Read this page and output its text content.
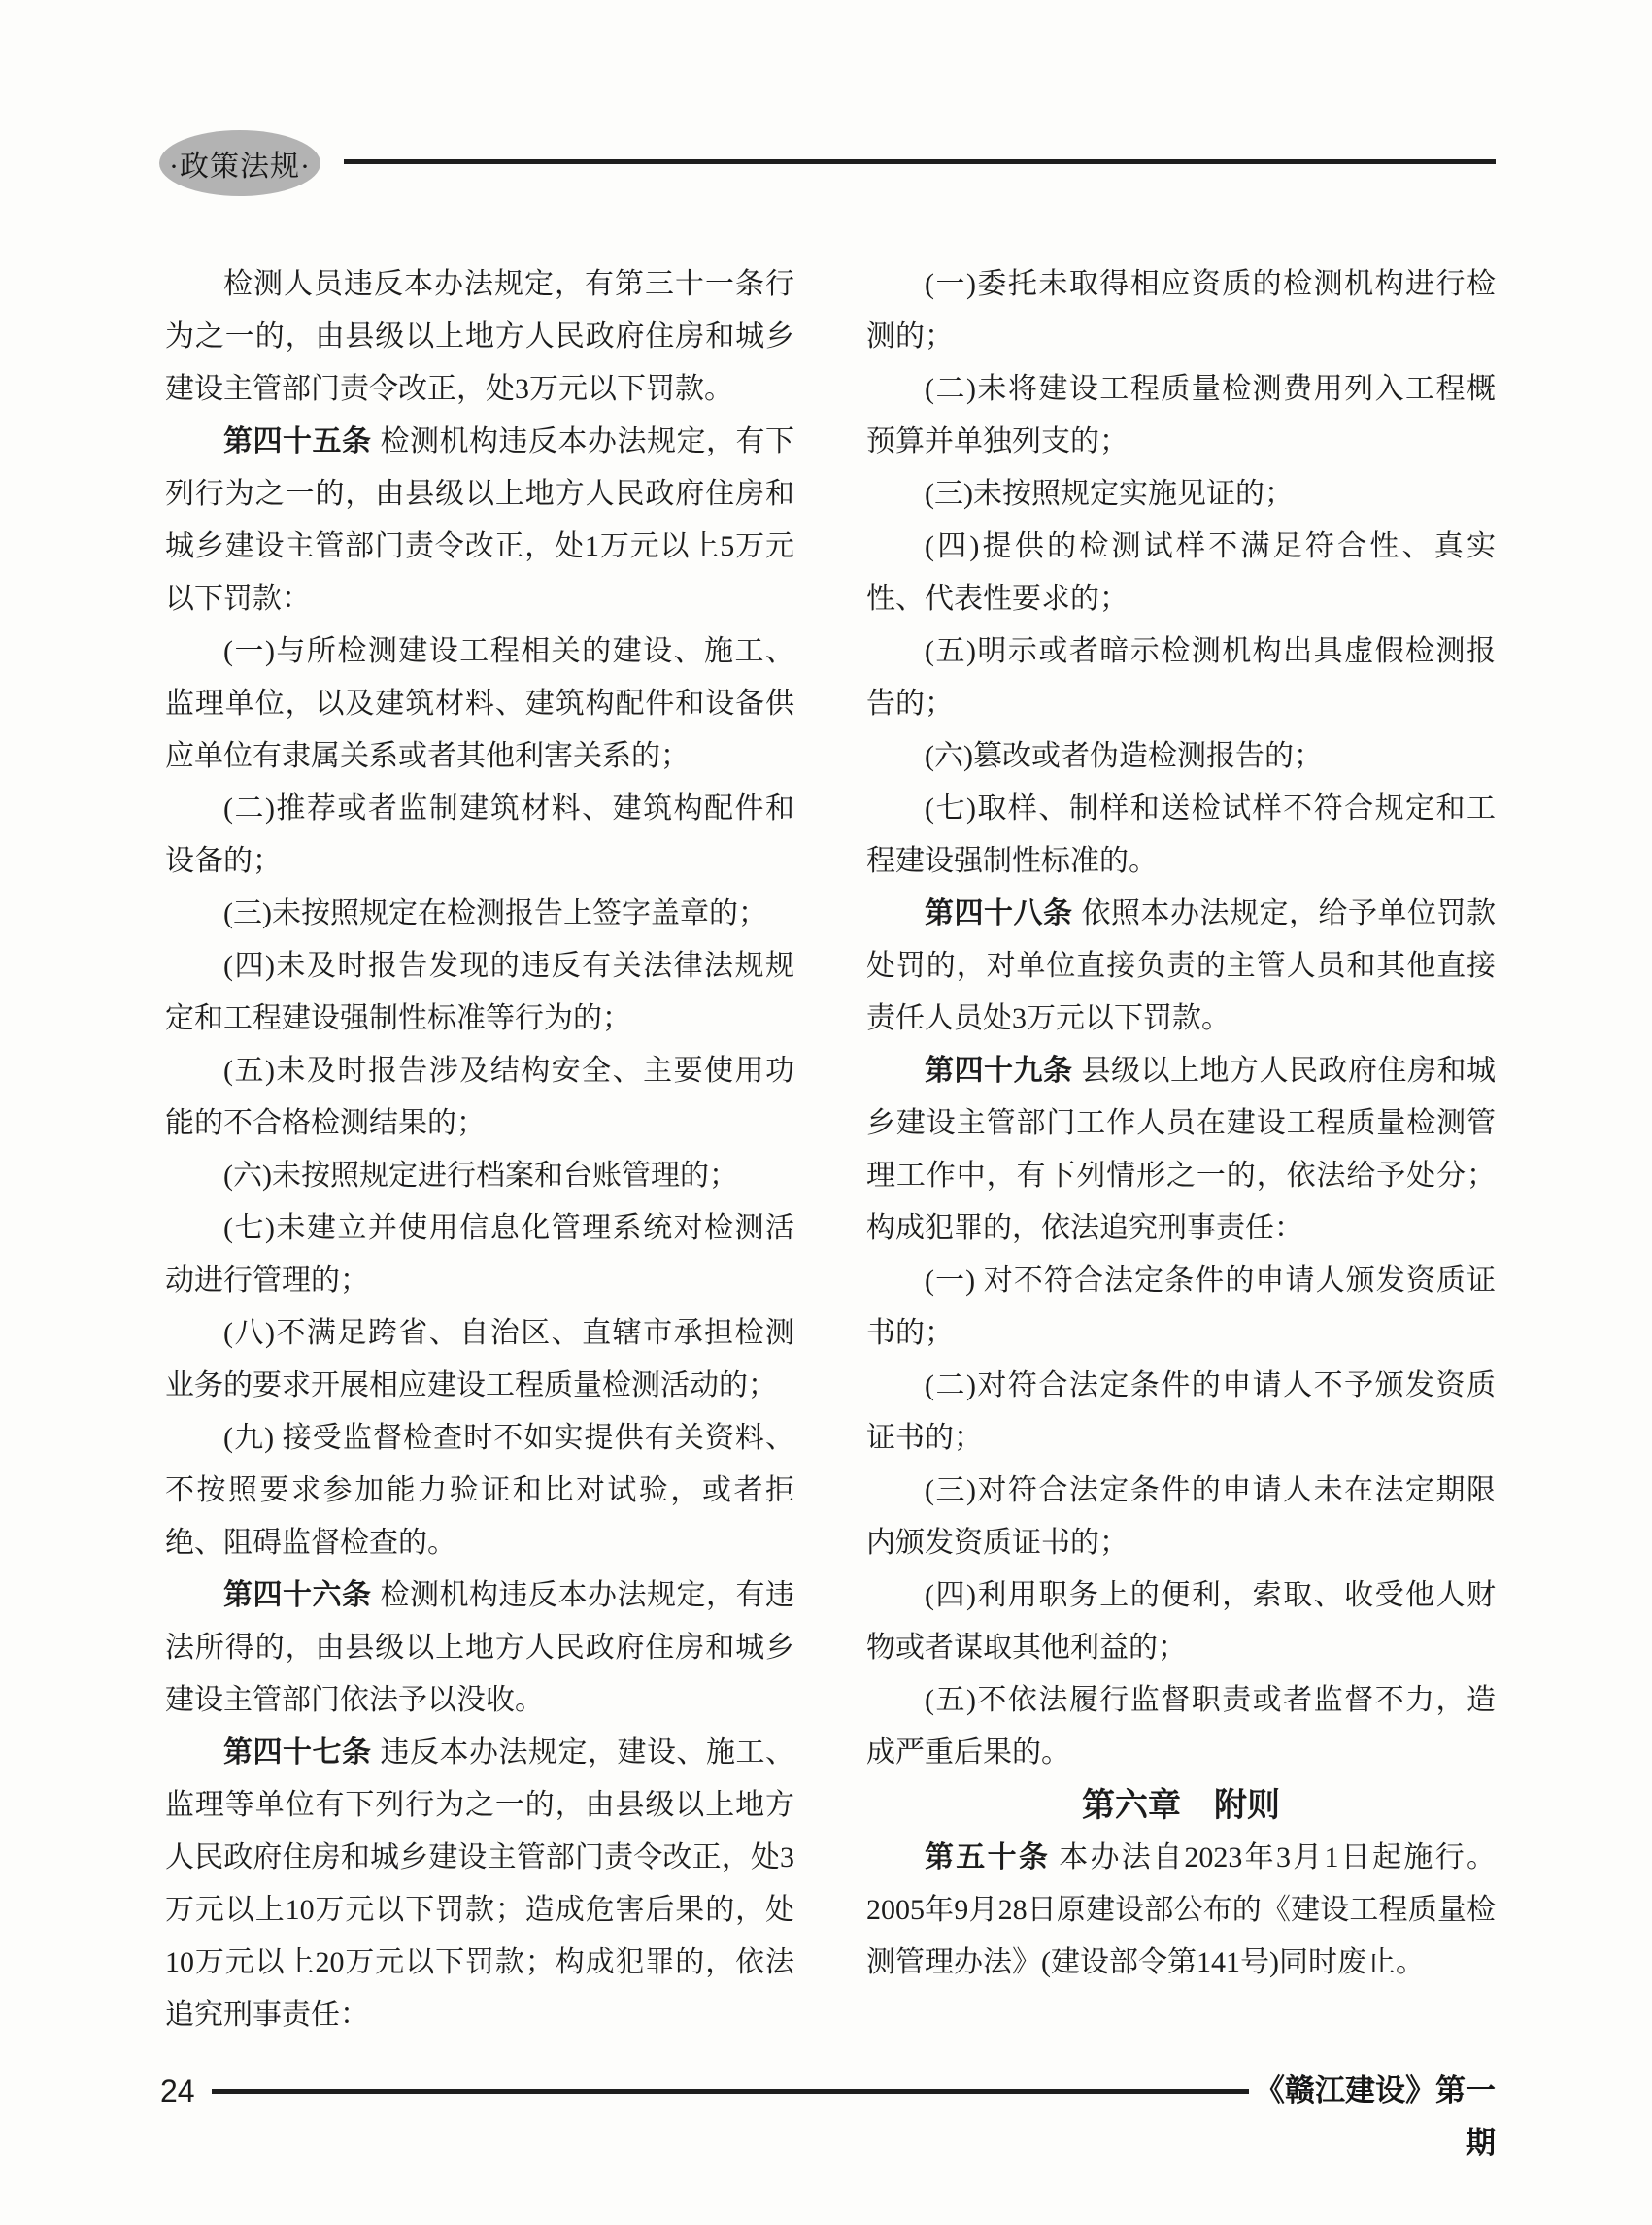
·政策法规·

检测人员违反本办法规定，有第三十一条行为之一的，由县级以上地方人民政府住房和城乡建设主管部门责令改正，处3万元以下罚款。

第四十五条 检测机构违反本办法规定，有下列行为之一的，由县级以上地方人民政府住房和城乡建设主管部门责令改正，处1万元以上5万元以下罚款：

(一)与所检测建设工程相关的建设、施工、监理单位，以及建筑材料、建筑构配件和设备供应单位有隶属关系或者其他利害关系的；

(二)推荐或者监制建筑材料、建筑构配件和设备的；

(三)未按照规定在检测报告上签字盖章的；

(四)未及时报告发现的违反有关法律法规规定和工程建设强制性标准等行为的；

(五)未及时报告涉及结构安全、主要使用功能的不合格检测结果的；

(六)未按照规定进行档案和台账管理的；

(七)未建立并使用信息化管理系统对检测活动进行管理的；

(八)不满足跨省、自治区、直辖市承担检测业务的要求开展相应建设工程质量检测活动的；

(九) 接受监督检查时不如实提供有关资料、不按照要求参加能力验证和比对试验，或者拒绝、阻碍监督检查的。

第四十六条 检测机构违反本办法规定，有违法所得的，由县级以上地方人民政府住房和城乡建设主管部门依法予以没收。

第四十七条 违反本办法规定，建设、施工、监理等单位有下列行为之一的，由县级以上地方人民政府住房和城乡建设主管部门责令改正，处3万元以上10万元以下罚款；造成危害后果的，处10万元以上20万元以下罚款；构成犯罪的，依法追究刑事责任：

(一)委托未取得相应资质的检测机构进行检测的；

(二)未将建设工程质量检测费用列入工程概预算并单独列支的；

(三)未按照规定实施见证的；

(四)提供的检测试样不满足符合性、真实性、代表性要求的；

(五)明示或者暗示检测机构出具虚假检测报告的；

(六)篡改或者伪造检测报告的；

(七)取样、制样和送检试样不符合规定和工程建设强制性标准的。

第四十八条 依照本办法规定，给予单位罚款处罚的，对单位直接负责的主管人员和其他直接责任人员处3万元以下罚款。

第四十九条 县级以上地方人民政府住房和城乡建设主管部门工作人员在建设工程质量检测管理工作中，有下列情形之一的，依法给予处分；构成犯罪的，依法追究刑事责任：

(一) 对不符合法定条件的申请人颁发资质证书的；

(二)对符合法定条件的申请人不予颁发资质证书的；

(三)对符合法定条件的申请人未在法定期限内颁发资质证书的；

(四)利用职务上的便利，索取、收受他人财物或者谋取其他利益的；

(五)不依法履行监督职责或者监督不力，造成严重后果的。

第六章　附则

第五十条 本办法自2023年3月1日起施行。2005年9月28日原建设部公布的《建设工程质量检测管理办法》(建设部令第141号)同时废止。

24	《赣江建设》第一期
